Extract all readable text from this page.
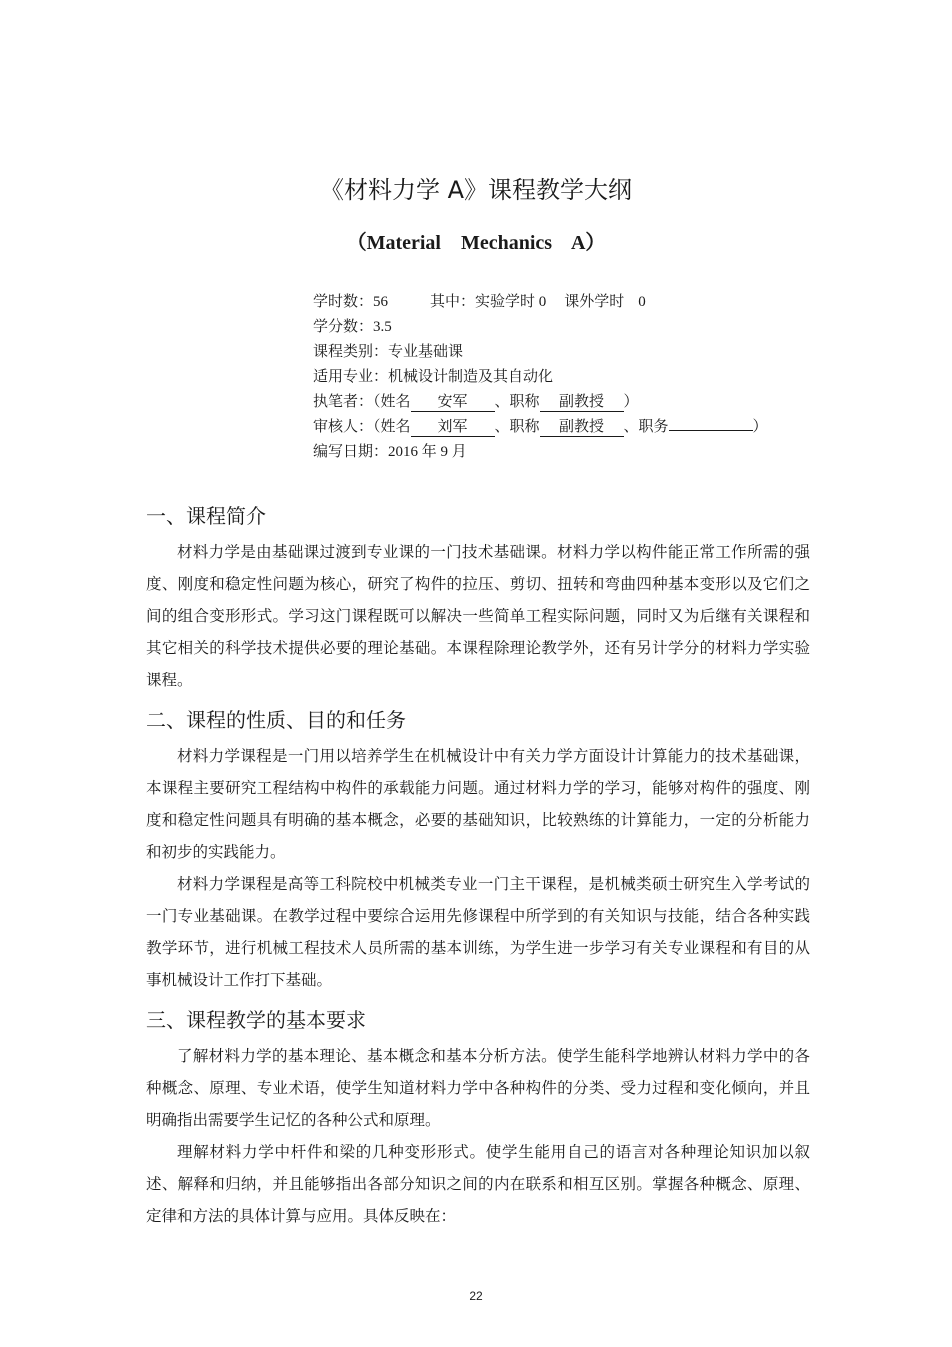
《材料力学 A》课程教学大纲
（Material    Mechanics    A）
学时数：56	其中：实验学时 0 课外学时 0
学分数：3.5
课程类别：专业基础课
适用专业：机械设计制造及其自动化
执笔者：（姓名 安军 、职称 副教授 ）
审核人：（姓名 刘军 、职称 副教授 、职务	）
编写日期：2016 年 9 月
一、课程简介

材料力学是由基础课过渡到专业课的一门技术基础课。材料力学以构件能正常工作所需的强度、刚度和稳定性问题为核心，研究了构件的拉压、剪切、扭转和弯曲四种基本变形以及它们之间的组合变形形式。学习这门课程既可以解决一些简单工程实际问题，同时又为后继有关课程和其它相关的科学技术提供必要的理论基础。本课程除理论教学外，还有另计学分的材料力学实验课程。

二、课程的性质、目的和任务

材料力学课程是一门用以培养学生在机械设计中有关力学方面设计计算能力的技术基础课，本课程主要研究工程结构中构件的承载能力问题。通过材料力学的学习，能够对构件的强度、刚度和稳定性问题具有明确的基本概念，必要的基础知识，比较熟练的计算能力，一定的分析能力和初步的实践能力。

材料力学课程是高等工科院校中机械类专业一门主干课程，是机械类硕士研究生入学考试的一门专业基础课。在教学过程中要综合运用先修课程中所学到的有关知识与技能，结合各种实践教学环节，进行机械工程技术人员所需的基本训练，为学生进一步学习有关专业课程和有目的从事机械设计工作打下基础。

三、课程教学的基本要求

了解材料力学的基本理论、基本概念和基本分析方法。使学生能科学地辨认材料力学中的各种概念、原理、专业术语，使学生知道材料力学中各种构件的分类、受力过程和变化倾向，并且明确指出需要学生记忆的各种公式和原理。

理解材料力学中杆件和梁的几种变形形式。使学生能用自己的语言对各种理论知识加以叙述、解释和归纳，并且能够指出各部分知识之间的内在联系和相互区别。掌握各种概念、原理、定律和方法的具体计算与应用。具体反映在：

22
